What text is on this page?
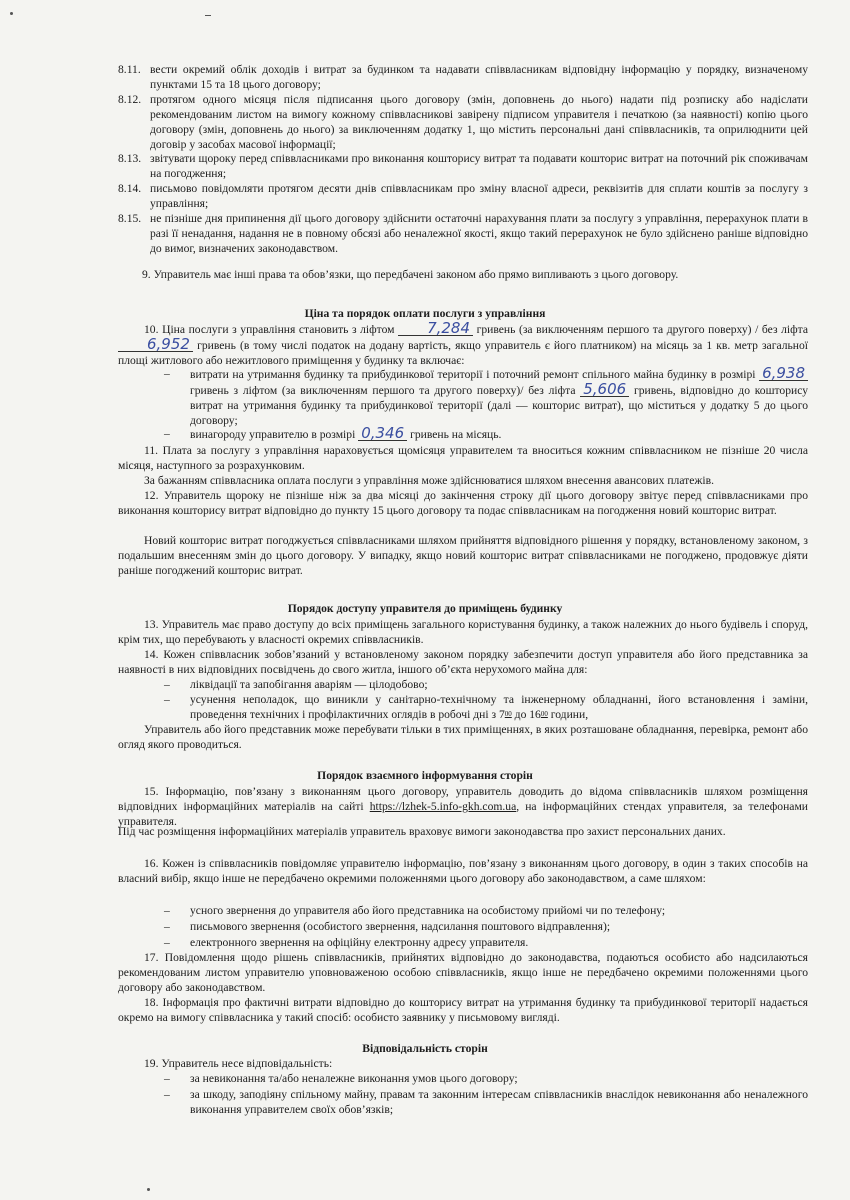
8.11. вести окремий облік доходів і витрат за будинком та надавати співвласникам відповідну інформацію у порядку, визначеному пунктами 15 та 18 цього договору;
8.12. протягом одного місяця після підписання цього договору (змін, доповнень до нього) надати під розписку або надіслати рекомендованим листом на вимогу кожному співвласникові завірену підписом управителя і печаткою (за наявності) копію цього договору (змін, доповнень до нього) за виключенням додатку 1, що містить персональні дані співвласників, та оприлюднити цей договір у засобах масової інформації;
8.13. звітувати щороку перед співвласниками про виконання кошторису витрат та подавати кошторис витрат на поточний рік споживачам на погодження;
8.14. письмово повідомляти протягом десяти днів співвласникам про зміну власної адреси, реквізитів для сплати коштів за послугу з управління;
8.15. не пізніше дня припинення дії цього договору здійснити остаточні нарахування плати за послугу з управління, перерахунок плати в разі її ненадання, надання не в повному обсязі або неналежної якості, якщо такий перерахунок не було здійснено раніше відповідно до вимог, визначених законодавством.
9. Управитель має інші права та обов’язки, що передбачені законом або прямо випливають з цього договору.
Ціна та порядок оплати послуги з управління
10. Ціна послуги з управління становить з ліфтом 7,284 гривень (за виключенням першого та другого поверху) / без ліфта 6,952 гривень (в тому числі податок на додану вартість, якщо управитель є його платником) на місяць за 1 кв. метр загальної площі житлового або нежитлового приміщення у будинку та включає:
–	витрати на утримання будинку та прибудинкової території і поточний ремонт спільного майна будинку в розмірі 6,938 гривень з ліфтом (за виключенням першого та другого поверху)/ без ліфта 5,606 гривень, відповідно до кошторису витрат на утримання будинку та прибудинкової території (далі — кошторис витрат), що міститься у додатку 5 до цього договору;
–	винагороду управителю в розмірі 0,346 гривень на місяць.
11. Плата за послугу з управління нараховується щомісяця управителем та вноситься кожним співвласником не пізніше 20 числа місяця, наступного за розрахунковим.
За бажанням співвласника оплата послуги з управління може здійснюватися шляхом внесення авансових платежів.
12. Управитель щороку не пізніше ніж за два місяці до закінчення строку дії цього договору звітує перед співвласниками про виконання кошторису витрат відповідно до пункту 15 цього договору та подає співвласникам на погодження новий кошторис витрат.
Новий кошторис витрат погоджується співвласниками шляхом прийняття відповідного рішення у порядку, встановленому законом, з подальшим внесенням змін до цього договору. У випадку, якщо новий кошторис витрат співвласниками не погоджено, продовжує діяти раніше погоджений кошторис витрат.
Порядок доступу управителя до приміщень будинку
13. Управитель має право доступу до всіх приміщень загального користування будинку, а також належних до нього будівель і споруд, крім тих, що перебувають у власності окремих співвласників.
14. Кожен співвласник зобов’язаний у встановленому законом порядку забезпечити доступ управителя або його представника за наявності в них відповідних посвідчень до свого житла, іншого об’єкта нерухомого майна для:
–	ліквідації та запобігання аваріям — цілодобово;
–	усунення неполадок, що виникли у санітарно-технічному та інженерному обладнанні, його встановлення і заміни, проведення технічних і профілактичних оглядів в робочі дні з $7^{00}$ до $16^{00}$ години,
Управитель або його представник може перебувати тільки в тих приміщеннях, в яких розташоване обладнання, перевірка, ремонт або огляд якого проводиться.
Порядок взаємного інформування сторін
15. Інформацію, пов’язану з виконанням цього договору, управитель доводить до відома співвласників шляхом розміщення відповідних інформаційних матеріалів на сайті https://lzhek-5.info-gkh.com.ua, на інформаційних стендах управителя, за телефонами управителя.
Під час розміщення інформаційних матеріалів управитель враховує вимоги законодавства про захист персональних даних.
16. Кожен із співвласників повідомляє управителю інформацію, пов’язану з виконанням цього договору, в один з таких способів на власний вибір, якщо інше не передбачено окремими положеннями цього договору або законодавством, а саме шляхом:
–	усного звернення до управителя або його представника на особистому прийомі чи по телефону;
–	письмового звернення (особистого звернення, надсилання поштового відправлення);
–	електронного звернення на офіційну електронну адресу управителя.
17. Повідомлення щодо рішень співвласників, прийнятих відповідно до законодавства, подаються особисто або надсилаються рекомендованим листом управителю уповноваженою особою співвласників, якщо інше не передбачено окремими положеннями цього договору або законодавством.
18. Інформація про фактичні витрати відповідно до кошторису витрат на утримання будинку та прибудинкової території надається окремо на вимогу співвласника у такий спосіб: особисто заявнику у письмовому вигляді.
Відповідальність сторін
19. Управитель несе відповідальність:
–	за невиконання та/або неналежне виконання умов цього договору;
–	за шкоду, заподіяну спільному майну, правам та законним інтересам співвласників внаслідок невиконання або неналежного виконання управителем своїх обов’язків;
